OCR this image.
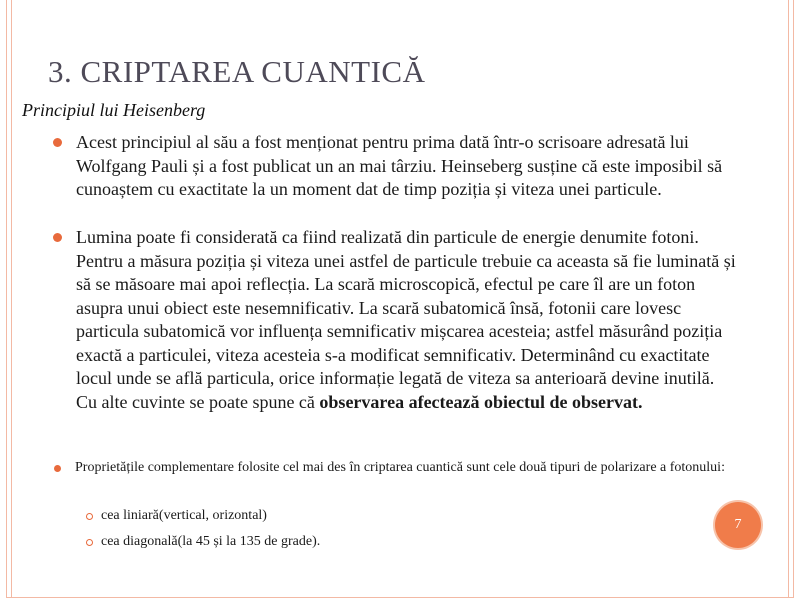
3. CRIPTAREA CUANTICĂ
Principiul lui Heisenberg
Acest principiul al său a fost menționat pentru prima dată într-o scrisoare adresată lui Wolfgang Pauli și a fost publicat un an mai târziu. Heinseberg susține că este imposibil să cunoaștem cu exactitate la un moment dat de timp poziția și viteza unei particule.
Lumina poate fi considerată ca fiind realizată din particule de energie denumite fotoni. Pentru a măsura poziția și viteza unei astfel de particule trebuie ca aceasta să fie luminată și să se măsoare mai apoi reflecția. La scară microscopică, efectul pe care îl are un foton asupra unui obiect este nesemnificativ. La scară subatomică însă, fotonii care lovesc particula subatomică vor influența semnificativ mișcarea acesteia; astfel măsurând poziția exactă a particulei, viteza acesteia s-a modificat semnificativ. Determinând cu exactitate locul unde se află particula, orice informație legată de viteza sa anterioară devine inutilă. Cu alte cuvinte se poate spune că observarea afectează obiectul de observat.
Proprietățile complementare folosite cel mai des în criptarea cuantică sunt cele două tipuri de polarizare a fotonului:
cea liniară(vertical, orizontal)
cea diagonală(la 45 și la 135 de grade).
7
